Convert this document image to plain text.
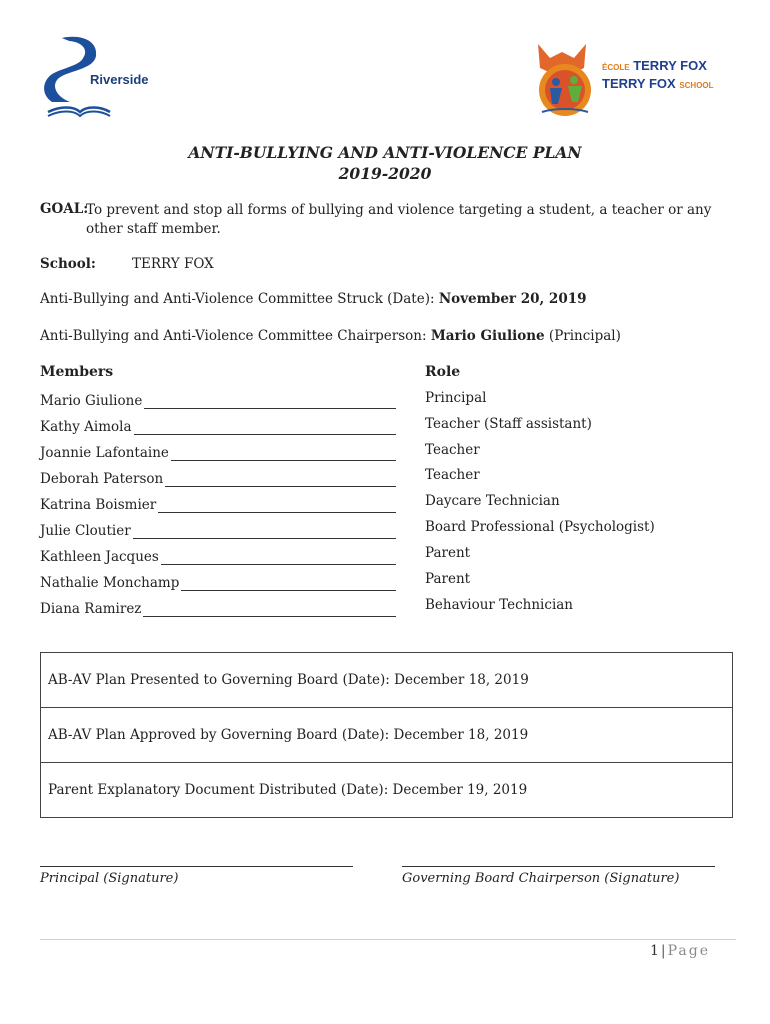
Riverside
ÉCOLE TERRY FOX
TERRY FOX SCHOOL
ANTI-BULLYING AND ANTI-VIOLENCE PLAN
2019-2020
GOAL:
To prevent and stop all forms of bullying and violence targeting a student, a teacher or any other staff member.
School:	TERRY FOX
Anti-Bullying and Anti-Violence Committee Struck (Date): November 20, 2019
Anti-Bullying and Anti-Violence Committee Chairperson: Mario Giulione (Principal)
Members	Role
Mario Giulione	Principal
Kathy Aimola	Teacher (Staff assistant)
Joannie Lafontaine	Teacher
Deborah Paterson	Teacher
Katrina Boismier	Daycare Technician
Julie Cloutier	Board Professional (Psychologist)
Kathleen Jacques	Parent
Nathalie Monchamp	Parent
Diana Ramirez	Behaviour Technician
AB-AV Plan Presented to Governing Board (Date): December 18, 2019
AB-AV Plan Approved by Governing Board (Date): December 18, 2019
Parent Explanatory Document Distributed (Date): December 19, 2019
Principal (Signature)	Governing Board Chairperson (Signature)
1 | Page
